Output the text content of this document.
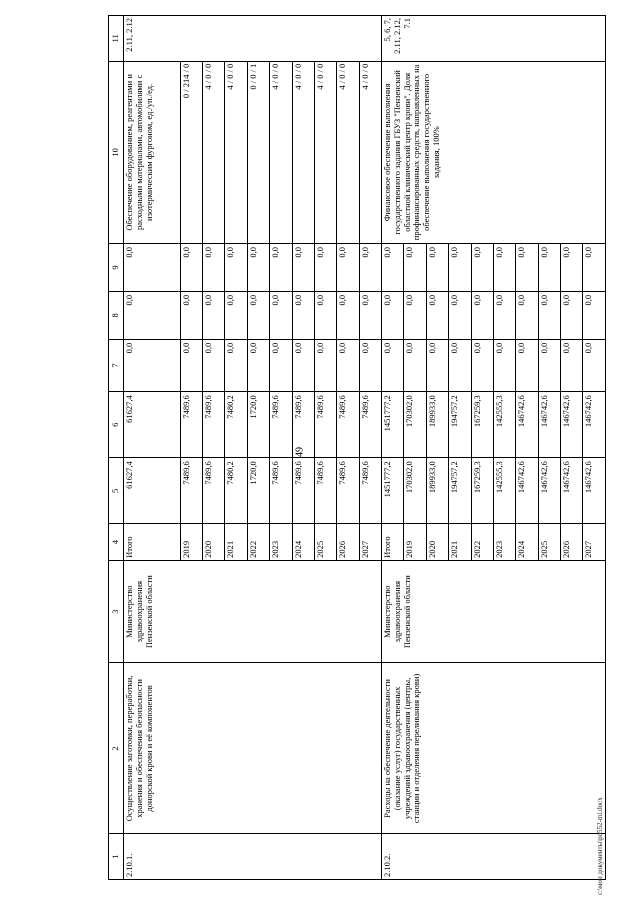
49
1	2	3	4	5	6	7	8	9	10	11
2.10.1.	Осуществление заготовки, переработки, хранения и обеспечения безопасности донорской крови и её компонентов	Министерство здравоохранения Пензенской области	Итого	61627,4	61627,4	0,0	0,0	0,0	Обеспечение оборудованием, реагентами и расходными материалами, автомобилями с изотермическим фургоном, ед./уп./ед.	2.11, 2.12
			2019	7489,6	7489,6	0,0	0,0	0,0	0 / 214 / 0	
			2020	7489,6	7489,6	0,0	0,0	0,0	4 / 0 / 0	
			2021	7480,2	7480,2	0,0	0,0	0,0	4 / 0 / 0	
			2022	1720,0	1720,0	0,0	0,0	0,0	0 / 0 / 1	
			2023	7489,6	7489,6	0,0	0,0	0,0	4 / 0 / 0	
			2024	7489,6	7489,6	0,0	0,0	0,0	4 / 0 / 0	
			2025	7489,6	7489,6	0,0	0,0	0,0	4 / 0 / 0	
			2026	7489,6	7489,6	0,0	0,0	0,0	4 / 0 / 0	
			2027	7489,6	7489,6	0,0	0,0	0,0	4 / 0 / 0	
2.10.2.	Расходы на обеспечение деятельности (оказание услуг) государственных учреждений здравоохранения (центры, станции и отделения переливания крови)	Министерство здравоохранения Пензенской области	Итого	1451777,2	1451777,2	0,0	0,0	0,0	Финансовое обеспечение выполнения государственного задания ГБУЗ "Пензенский областной клинический центр крови". Доля профинансированных средств, направленных на обеспечение выполнения государственного задания, 100%	5, 6, 7, 2.11, 2.12, 7.1
			2019	170302,0	170302,0	0,0	0,0	0,0		
			2020	189933,0	189933,0	0,0	0,0	0,0		
			2021	194757,2	194757,2	0,0	0,0	0,0		
			2022	167259,3	167259,3	0,0	0,0	0,0		
			2023	142555,3	142555,3	0,0	0,0	0,0		
			2024	146742,6	146742,6	0,0	0,0	0,0		
			2025	146742,6	146742,6	0,0	0,0	0,0		
			2026	146742,6	146742,6	0,0	0,0	0,0		
			2027	146742,6	146742,6	0,0	0,0	0,0		
c:\мои документы\pd552-mi.docx
